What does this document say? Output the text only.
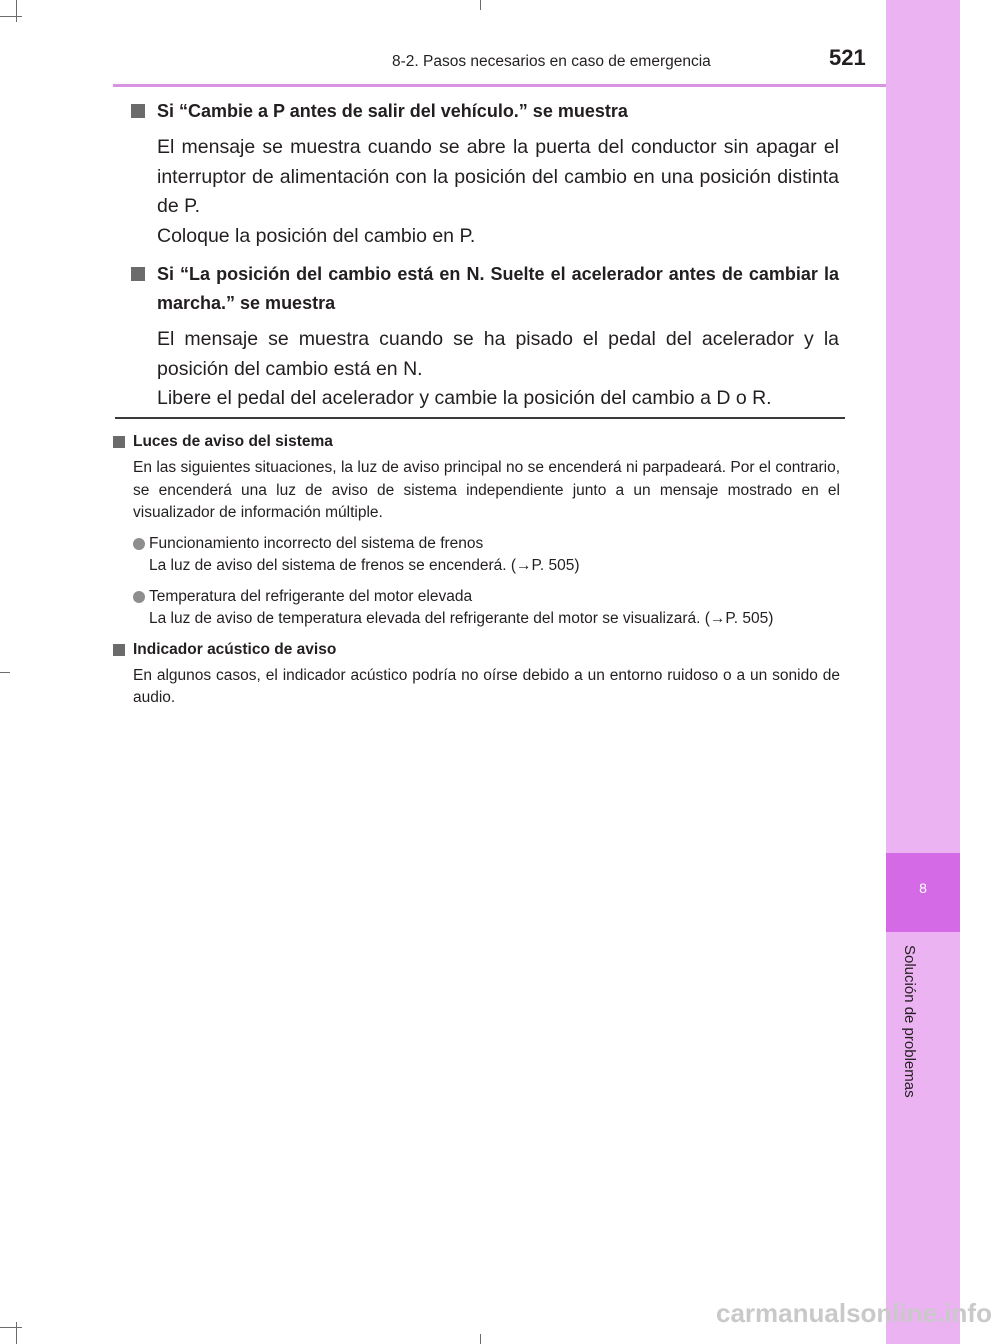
8
Solución de problemas
8-2. Pasos necesarios en caso de emergencia	521
Si “Cambie a P antes de salir del vehículo.” se muestra
El mensaje se muestra cuando se abre la puerta del conductor sin apagar el interruptor de alimentación con la posición del cambio en una posición distinta de P.
Coloque la posición del cambio en P.
Si “La posición del cambio está en N. Suelte el acelerador antes de cambiar la marcha.” se muestra
El mensaje se muestra cuando se ha pisado el pedal del acelerador y la posición del cambio está en N.
Libere el pedal del acelerador y cambie la posición del cambio a D o R.
Luces de aviso del sistema
En las siguientes situaciones, la luz de aviso principal no se encenderá ni parpadeará. Por el contrario, se encenderá una luz de aviso de sistema independiente junto a un mensaje mostrado en el visualizador de información múltiple.
Funcionamiento incorrecto del sistema de frenos
La luz de aviso del sistema de frenos se encenderá. (→P. 505)
Temperatura del refrigerante del motor elevada
La luz de aviso de temperatura elevada del refrigerante del motor se visualizará. (→P. 505)
Indicador acústico de aviso
En algunos casos, el indicador acústico podría no oírse debido a un entorno ruidoso o a un sonido de audio.
carmanualsonline.info
